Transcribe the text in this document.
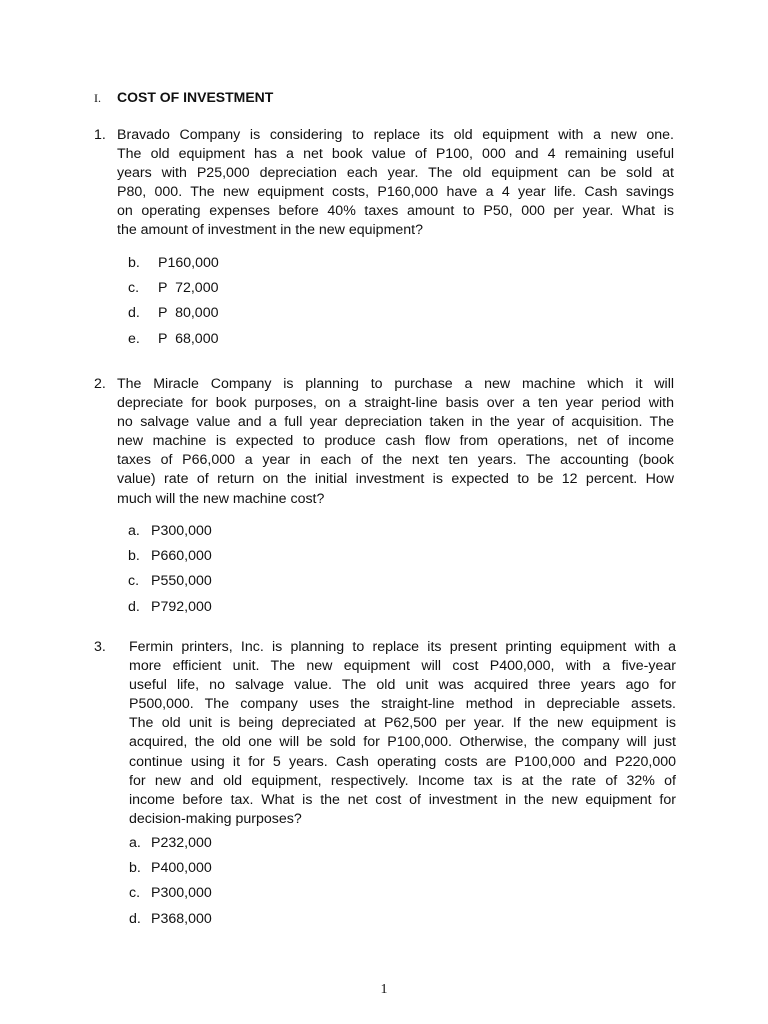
I. COST OF INVESTMENT
1. Bravado Company is considering to replace its old equipment with a new one.
The old equipment has a net book value of P100, 000 and 4 remaining useful
years with P25,000 depreciation each year. The old equipment can be sold at
P80, 000. The new equipment costs, P160,000 have a 4 year life. Cash savings
on operating expenses before 40% taxes amount to P50, 000 per year. What is
the amount of investment in the new equipment?
b. P160,000
c. P  72,000
d. P  80,000
e. P  68,000
2. The Miracle Company is planning to purchase a new machine which it will
depreciate for book purposes, on a straight-line basis over a ten year period with
no salvage value and a full year depreciation taken in the year of acquisition. The
new machine is expected to produce cash flow from operations, net of income
taxes of P66,000 a year in each of the next ten years. The accounting (book
value) rate of return on the initial investment is expected to be 12 percent. How
much will the new machine cost?
a. P300,000
b. P660,000
c. P550,000
d. P792,000
3. Fermin printers, Inc. is planning to replace its present printing equipment with a
more efficient unit. The new equipment will cost P400,000, with a five-year
useful life, no salvage value. The old unit was acquired three years ago for
P500,000. The company uses the straight-line method in depreciable assets.
The old unit is being depreciated at P62,500 per year. If the new equipment is
acquired, the old one will be sold for P100,000. Otherwise, the company will just
continue using it for 5 years. Cash operating costs are P100,000 and P220,000
for new and old equipment, respectively. Income tax is at the rate of 32% of
income before tax. What is the net cost of investment in the new equipment for
decision-making purposes?
a. P232,000
b. P400,000
c. P300,000
d. P368,000
1
